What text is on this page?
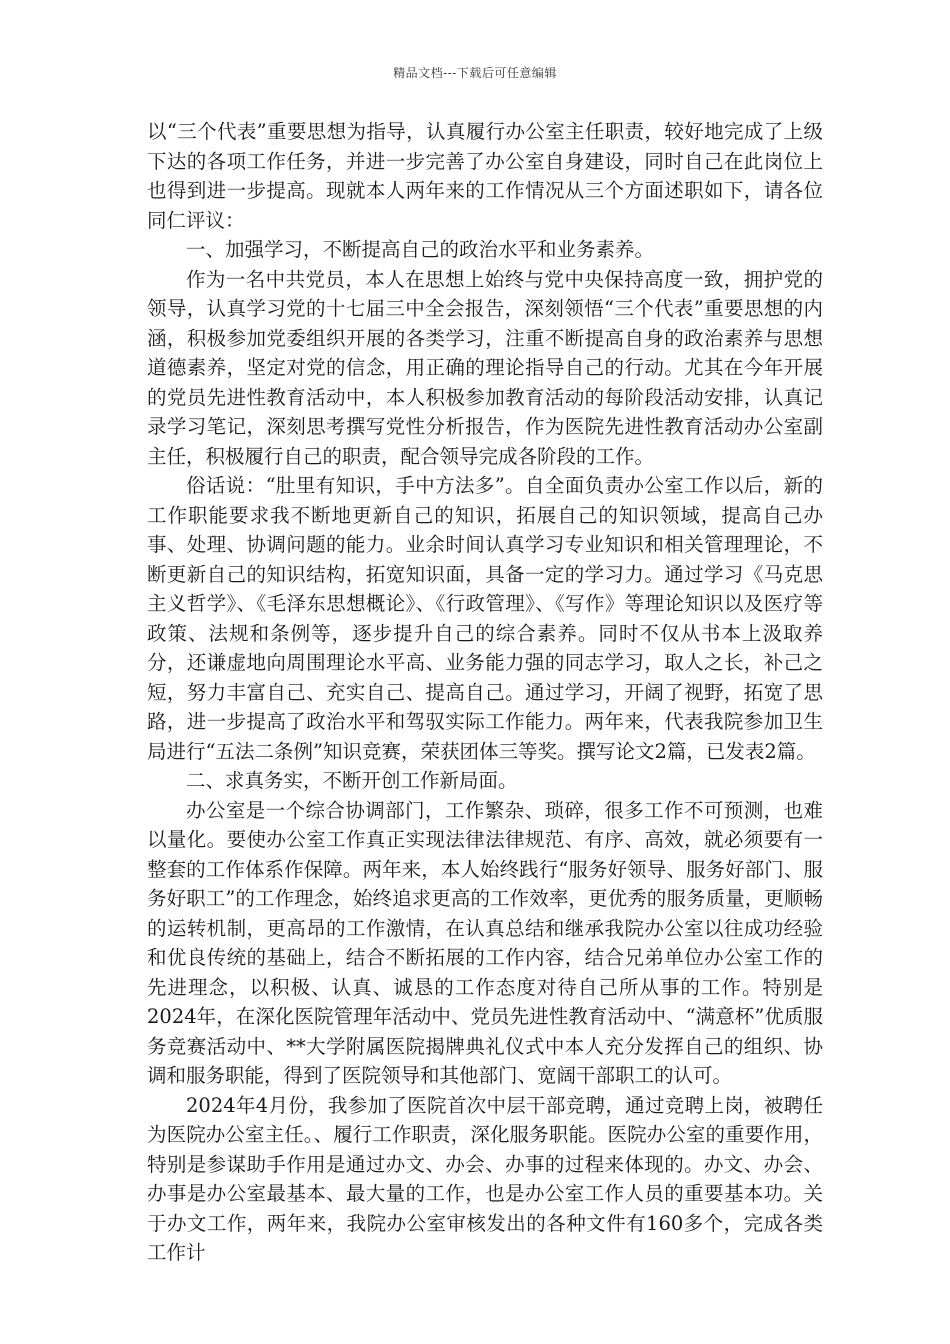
精品文档---下载后可任意编辑

以“三个代表”重要思想为指导，认真履行办公室主任职责，较好地完成了上级下达的各项工作任务，并进一步完善了办公室自身建设，同时自己在此岗位上也得到进一步提高。现就本人两年来的工作情况从三个方面述职如下，请各位同仁评议：

一、加强学习，不断提高自己的政治水平和业务素养。

作为一名中共党员，本人在思想上始终与党中央保持高度一致，拥护党的领导，认真学习党的十七届三中全会报告，深刻领悟“三个代表”重要思想的内涵，积极参加党委组织开展的各类学习，注重不断提高自身的政治素养与思想道德素养，坚定对党的信念，用正确的理论指导自己的行动。尤其在今年开展的党员先进性教育活动中，本人积极参加教育活动的每阶段活动安排，认真记录学习笔记，深刻思考撰写党性分析报告，作为医院先进性教育活动办公室副主任，积极履行自己的职责，配合领导完成各阶段的工作。

俗话说：“肚里有知识，手中方法多”。自全面负责办公室工作以后，新的工作职能要求我不断地更新自己的知识，拓展自己的知识领域，提高自己办事、处理、协调问题的能力。业余时间认真学习专业知识和相关管理理论，不断更新自己的知识结构，拓宽知识面，具备一定的学习力。通过学习《马克思主义哲学》、《毛泽东思想概论》、《行政管理》、《写作》等理论知识以及医疗等政策、法规和条例等，逐步提升自己的综合素养。同时不仅从书本上汲取养分，还谦虚地向周围理论水平高、业务能力强的同志学习，取人之长，补己之短，努力丰富自己、充实自己、提高自己。通过学习，开阔了视野，拓宽了思路，进一步提高了政治水平和驾驭实际工作能力。两年来，代表我院参加卫生局进行“五法二条例”知识竞赛，荣获团体三等奖。撰写论文2篇，已发表2篇。

二、求真务实，不断开创工作新局面。

办公室是一个综合协调部门，工作繁杂、琐碎，很多工作不可预测，也难以量化。要使办公室工作真正实现法律法律规范、有序、高效，就必须要有一整套的工作体系作保障。两年来，本人始终践行“服务好领导、服务好部门、服务好职工”的工作理念，始终追求更高的工作效率，更优秀的服务质量，更顺畅的运转机制，更高昂的工作激情，在认真总结和继承我院办公室以往成功经验和优良传统的基础上，结合不断拓展的工作内容，结合兄弟单位办公室工作的先进理念，以积极、认真、诚恳的工作态度对待自己所从事的工作。特别是2024年，在深化医院管理年活动中、党员先进性教育活动中、“满意杯”优质服务竞赛活动中、**大学附属医院揭牌典礼仪式中本人充分发挥自己的组织、协调和服务职能，得到了医院领导和其他部门、宽阔干部职工的认可。

2024年4月份，我参加了医院首次中层干部竞聘，通过竞聘上岗，被聘任为医院办公室主任。、履行工作职责，深化服务职能。医院办公室的重要作用，特别是参谋助手作用是通过办文、办会、办事的过程来体现的。办文、办会、办事是办公室最基本、最大量的工作，也是办公室工作人员的重要基本功。关于办文工作，两年来，我院办公室审核发出的各种文件有160多个，完成各类工作计
